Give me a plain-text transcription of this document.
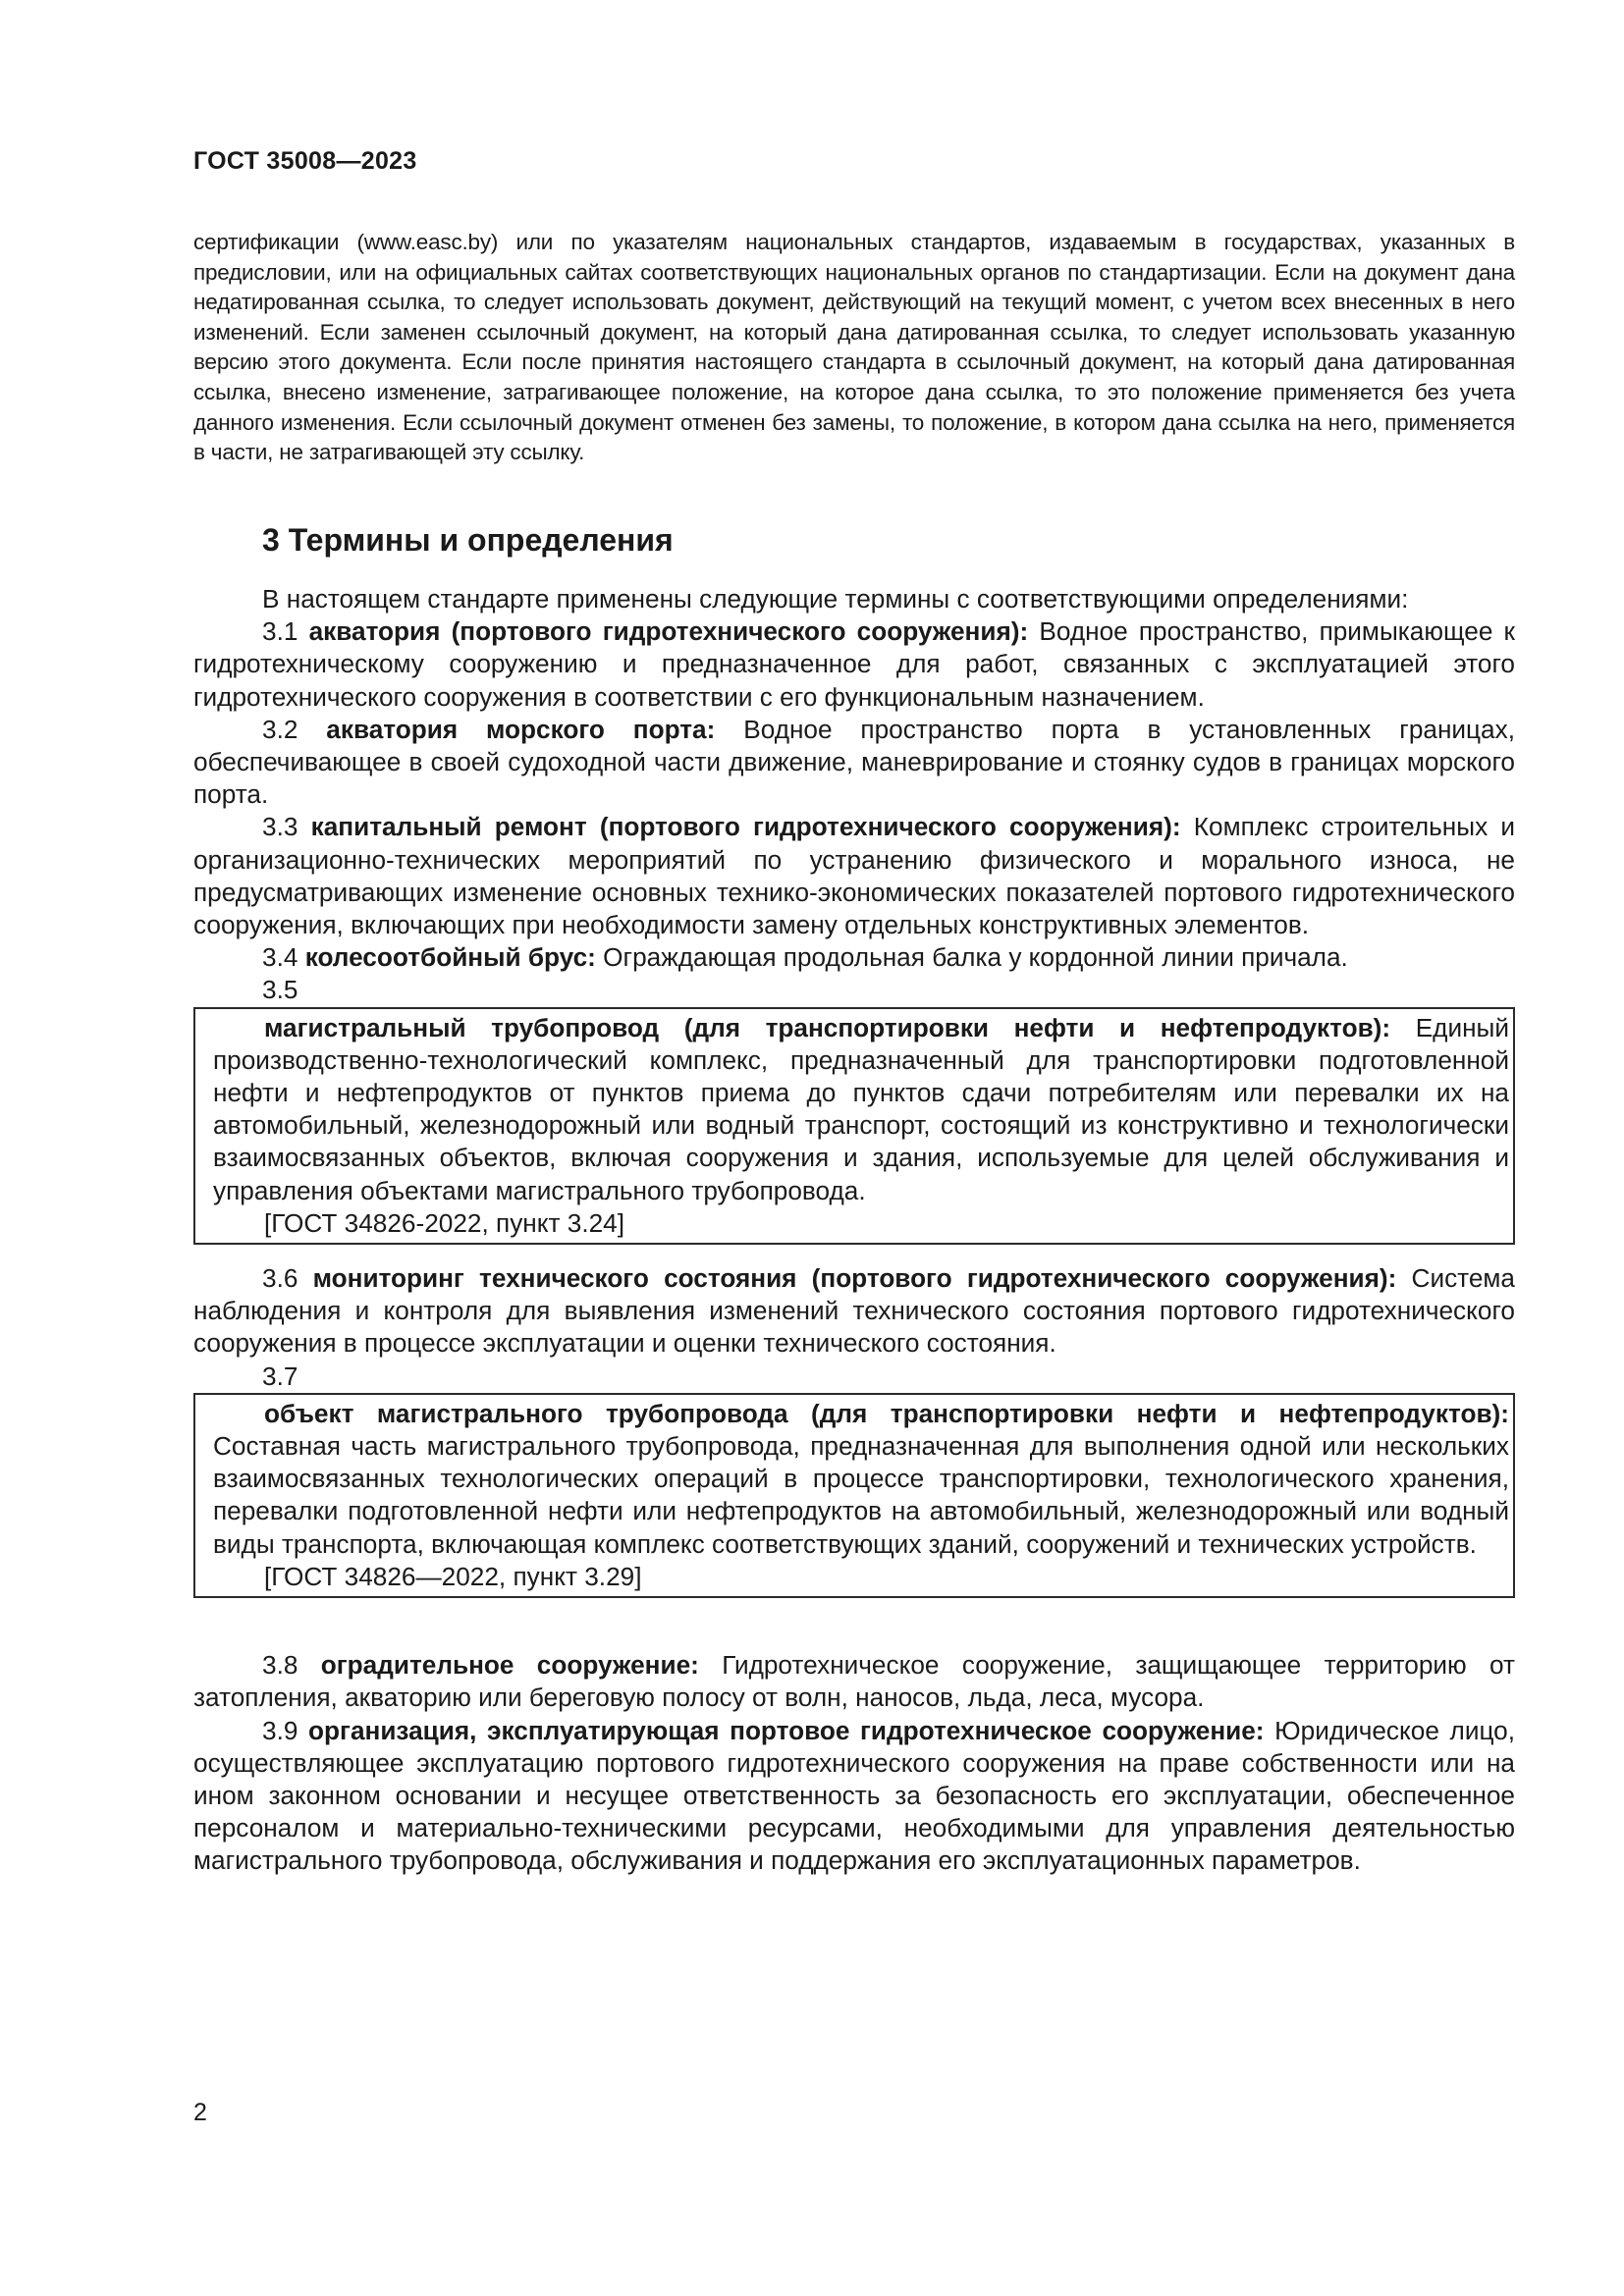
ГОСТ 35008—2023

сертификации (www.easc.by) или по указателям национальных стандартов, издаваемым в государствах, указанных в предисловии, или на официальных сайтах соответствующих национальных органов по стандартизации. Если на документ дана недатированная ссылка, то следует использовать документ, действующий на текущий момент, с учетом всех внесенных в него изменений. Если заменен ссылочный документ, на который дана датированная ссылка, то следует использовать указанную версию этого документа. Если после принятия настоящего стандарта в ссылочный документ, на который дана датированная ссылка, внесено изменение, затрагивающее положение, на которое дана ссылка, то это положение применяется без учета данного изменения. Если ссылочный документ отменен без замены, то положение, в котором дана ссылка на него, применяется в части, не затрагивающей эту ссылку.

3 Термины и определения

В настоящем стандарте применены следующие термины с соответствующими определениями:

3.1 акватория (портового гидротехнического сооружения): Водное пространство, примыкающее к гидротехническому сооружению и предназначенное для работ, связанных с эксплуатацией этого гидротехнического сооружения в соответствии с его функциональным назначением.

3.2 акватория морского порта: Водное пространство порта в установленных границах, обеспечивающее в своей судоходной части движение, маневрирование и стоянку судов в границах морского порта.

3.3 капитальный ремонт (портового гидротехнического сооружения): Комплекс строительных и организационно-технических мероприятий по устранению физического и морального износа, не предусматривающих изменение основных технико-экономических показателей портового гидротехнического сооружения, включающих при необходимости замену отдельных конструктивных элементов.

3.4 колесоотбойный брус: Ограждающая продольная балка у кордонной линии причала.

3.5

магистральный трубопровод (для транспортировки нефти и нефтепродуктов): Единый производственно-технологический комплекс, предназначенный для транспортировки подготовленной нефти и нефтепродуктов от пунктов приема до пунктов сдачи потребителям или перевалки их на автомобильный, железнодорожный или водный транспорт, состоящий из конструктивно и технологически взаимосвязанных объектов, включая сооружения и здания, используемые для целей обслуживания и управления объектами магистрального трубопровода.

[ГОСТ 34826-2022, пункт 3.24]

3.6 мониторинг технического состояния (портового гидротехнического сооружения): Система наблюдения и контроля для выявления изменений технического состояния портового гидротехнического сооружения в процессе эксплуатации и оценки технического состояния.

3.7

объект магистрального трубопровода (для транспортировки нефти и нефтепродуктов): Составная часть магистрального трубопровода, предназначенная для выполнения одной или нескольких взаимосвязанных технологических операций в процессе транспортировки, технологического хранения, перевалки подготовленной нефти или нефтепродуктов на автомобильный, железнодорожный или водный виды транспорта, включающая комплекс соответствующих зданий, сооружений и технических устройств.

[ГОСТ 34826—2022, пункт 3.29]

3.8 оградительное сооружение: Гидротехническое сооружение, защищающее территорию от затопления, акваторию или береговую полосу от волн, наносов, льда, леса, мусора.

3.9 организация, эксплуатирующая портовое гидротехническое сооружение: Юридическое лицо, осуществляющее эксплуатацию портового гидротехнического сооружения на праве собственности или на ином законном основании и несущее ответственность за безопасность его эксплуатации, обеспеченное персоналом и материально-техническими ресурсами, необходимыми для управления деятельностью магистрального трубопровода, обслуживания и поддержания его эксплуатационных параметров.

2
